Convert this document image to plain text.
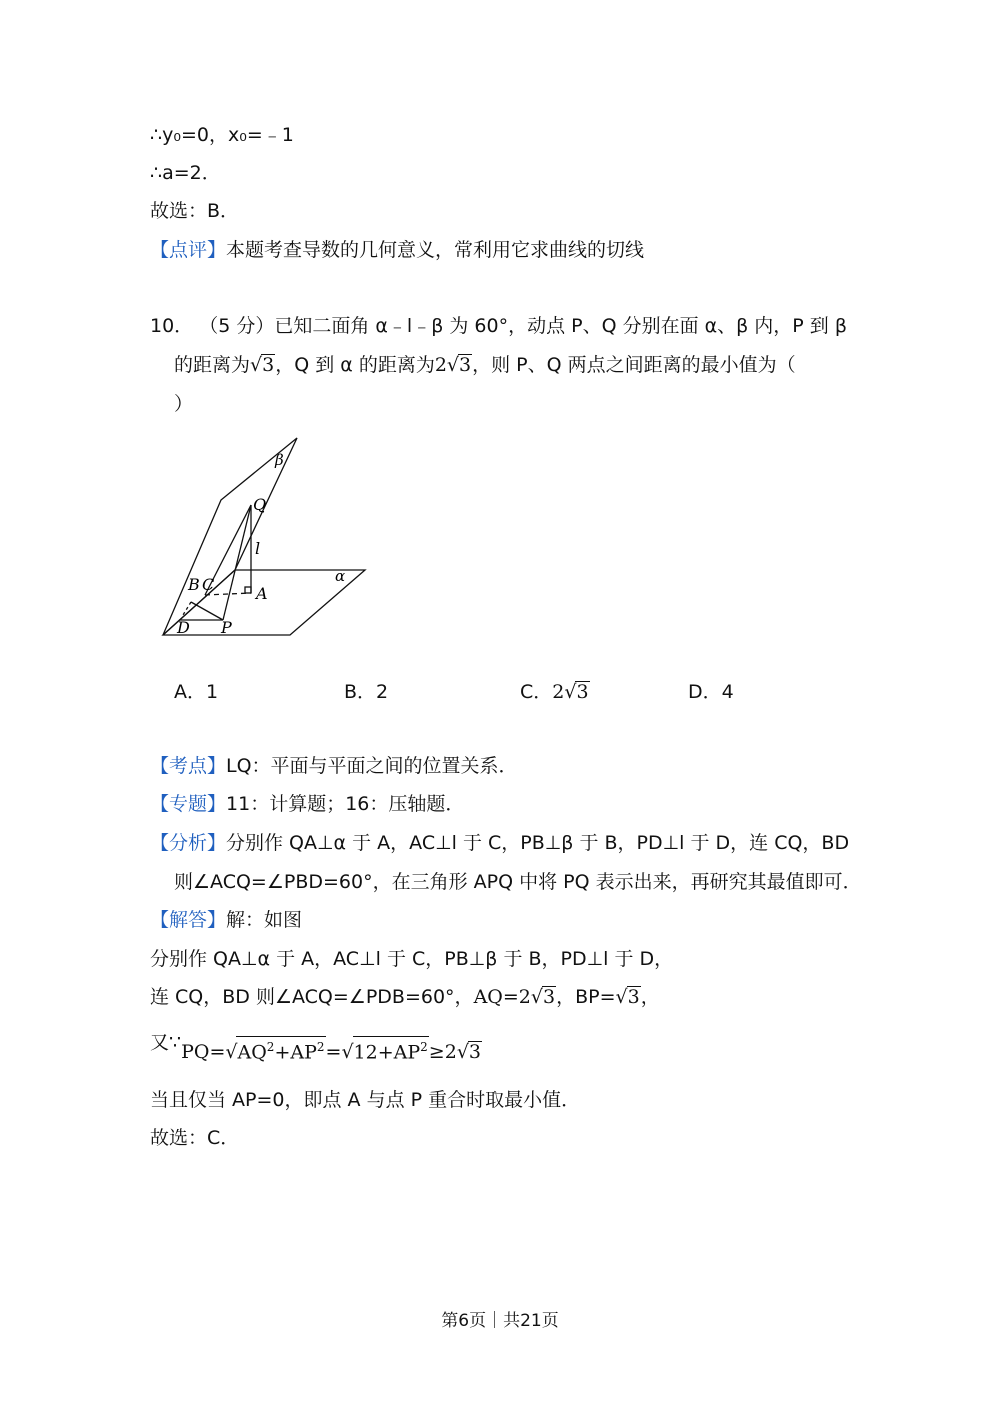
∴y₀=0，x₀=﹣1
∴a=2．
故选：B．
【点评】本题考查导数的几何意义，常利用它求曲线的切线
10． （5 分）已知二面角 α﹣l﹣β 为 60°，动点 P、Q 分别在面 α、β 内，P 到 β
的距离为√3，Q 到 α 的距离为2√3，则 P、Q 两点之间距离的最小值为（
）
β
Q
l
α
B C	A
D P
A．1	B．2	C．2√3	D．4
【考点】LQ：平面与平面之间的位置关系．
【专题】11：计算题；16：压轴题．
【分析】分别作 QA⊥α 于 A，AC⊥l 于 C，PB⊥β 于 B，PD⊥l 于 D，连 CQ，BD
则∠ACQ=∠PBD=60°，在三角形 APQ 中将 PQ 表示出来，再研究其最值即可．
【解答】解：如图
分别作 QA⊥α 于 A，AC⊥l 于 C，PB⊥β 于 B，PD⊥l 于 D，
连 CQ，BD 则∠ACQ=∠PDB=60°，AQ=2√3，BP=√3，
又$\because PQ=√AQ^2+AP^2=√12+AP^2\ge 2√3$
当且仅当 AP=0，即点 A 与点 P 重合时取最小值．
故选：C．
第6页｜共21页
